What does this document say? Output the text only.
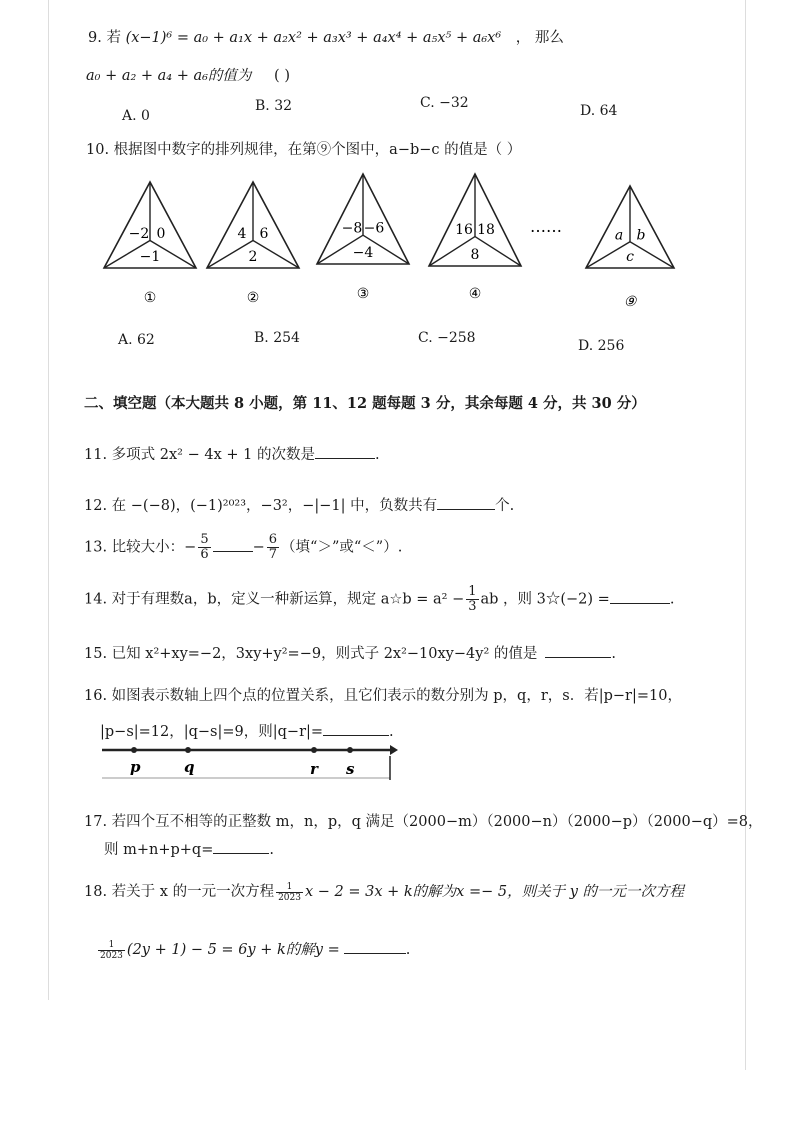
9. 若 (x−1)⁶ = a₀ + a₁x + a₂x² + a₃x³ + a₄x⁴ + a₅x⁵ + a₆x⁶ ， 那么
a₀ + a₂ + a₄ + a₆的值为 ( )
A. 0
B. 32	C. −32	D. 64
10. 根据图中数字的排列规律，在第⑨个图中，a−b−c 的值是（ ）
−2 0
−1
①
4 6
2
②
−8 −6
−4
③
16 18
8
④
a b
c
⑨
……
A. 62	B. 254	C. −258	D. 256
二、填空题（本大题共 8 小题，第 11、12 题每题 3 分，其余每题 4 分，共 30 分）
11. 多项式 2x² − 4x + 1 的次数是	.
12. 在 −(−8)，(−1)²⁰²³，−3²，−|−1| 中，负数共有	个.
13. 比较大小：− $\frac{5}{6}$	− $\frac{6}{7}$ （填“＞”或“＜”）.
14. 对于有理数a，b，定义一种新运算，规定 a☆b = $a^2 - \frac{1}{3}$ ab ，则 3☆(−2) =	.
15. 已知 x²+xy=−2，3xy+y²=−9，则式子 2x²−10xy−4y² 的值是	.
16. 如图表示数轴上四个点的位置关系，且它们表示的数分别为 p，q，r，s．若|p−r|=10，
|p−s|=12，|q−s|=9，则|q−r|=	.
p	q	r s
17. 若四个互不相等的正整数 m，n，p，q 满足（2000−m）（2000−n）（2000−p）（2000−q）=8，
则 m+n+p+q=	.
18. 若关于 x 的一元一次方程 $\frac{1}{2023}$ x − 2 = 3x + k的解为x =− 5，则关于 y 的一元一次方程
$\frac{1}{2023} (2y + 1) - 5 = 6y + k$的解y =	.
